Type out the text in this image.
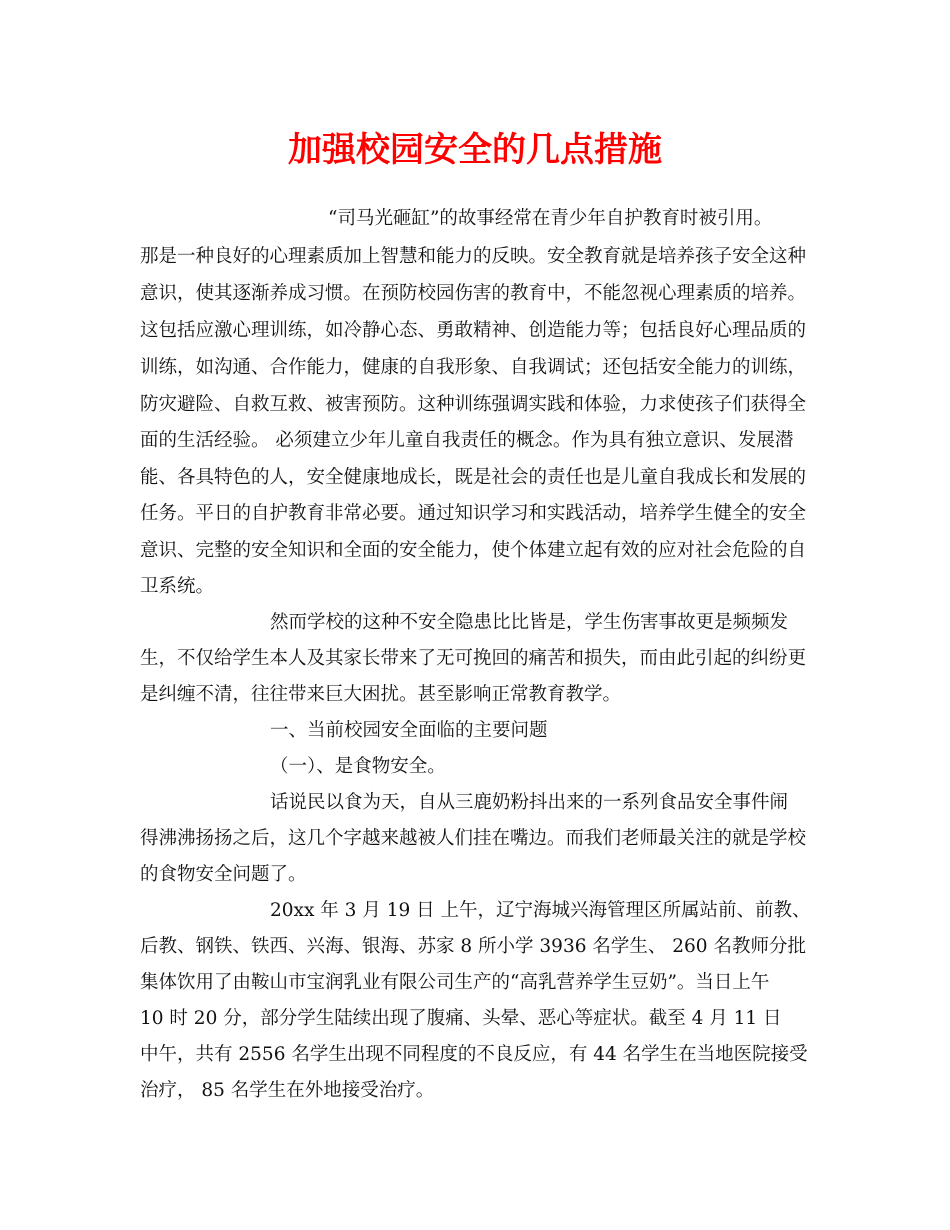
加强校园安全的几点措施
“司马光砸缸”的故事经常在青少年自护教育时被引用。
那是一种良好的心理素质加上智慧和能力的反映。安全教育就是培养孩子安全这种
意识，使其逐渐养成习惯。在预防校园伤害的教育中，不能忽视心理素质的培养。
这包括应激心理训练，如冷静心态、勇敢精神、创造能力等；包括良好心理品质的
训练，如沟通、合作能力，健康的自我形象、自我调试；还包括安全能力的训练，
防灾避险、自救互救、被害预防。这种训练强调实践和体验，力求使孩子们获得全
面的生活经验。 必须建立少年儿童自我责任的概念。作为具有独立意识、发展潜
能、各具特色的人，安全健康地成长，既是社会的责任也是儿童自我成长和发展的
任务。平日的自护教育非常必要。通过知识学习和实践活动，培养学生健全的安全
意识、完整的安全知识和全面的安全能力，使个体建立起有效的应对社会危险的自
卫系统。
然而学校的这种不安全隐患比比皆是，学生伤害事故更是频频发
生，不仅给学生本人及其家长带来了无可挽回的痛苦和损失，而由此引起的纠纷更
是纠缠不清，往往带来巨大困扰。甚至影响正常教育教学。
一、当前校园安全面临的主要问题
（一）、是食物安全。
话说民以食为天，自从三鹿奶粉抖出来的一系列食品安全事件闹
得沸沸扬扬之后，这几个字越来越被人们挂在嘴边。而我们老师最关注的就是学校
的食物安全问题了。
20xx 年 3 月 19 日 上午，辽宁海城兴海管理区所属站前、前教、
后教、钢铁、铁西、兴海、银海、苏家 8 所小学 3936 名学生、 260 名教师分批
集体饮用了由鞍山市宝润乳业有限公司生产的“高乳营养学生豆奶”。当日上午
10 时 20 分，部分学生陆续出现了腹痛、头晕、恶心等症状。截至 4 月 11 日
中午，共有 2556 名学生出现不同程度的不良反应，有 44 名学生在当地医院接受
治疗， 85 名学生在外地接受治疗。
